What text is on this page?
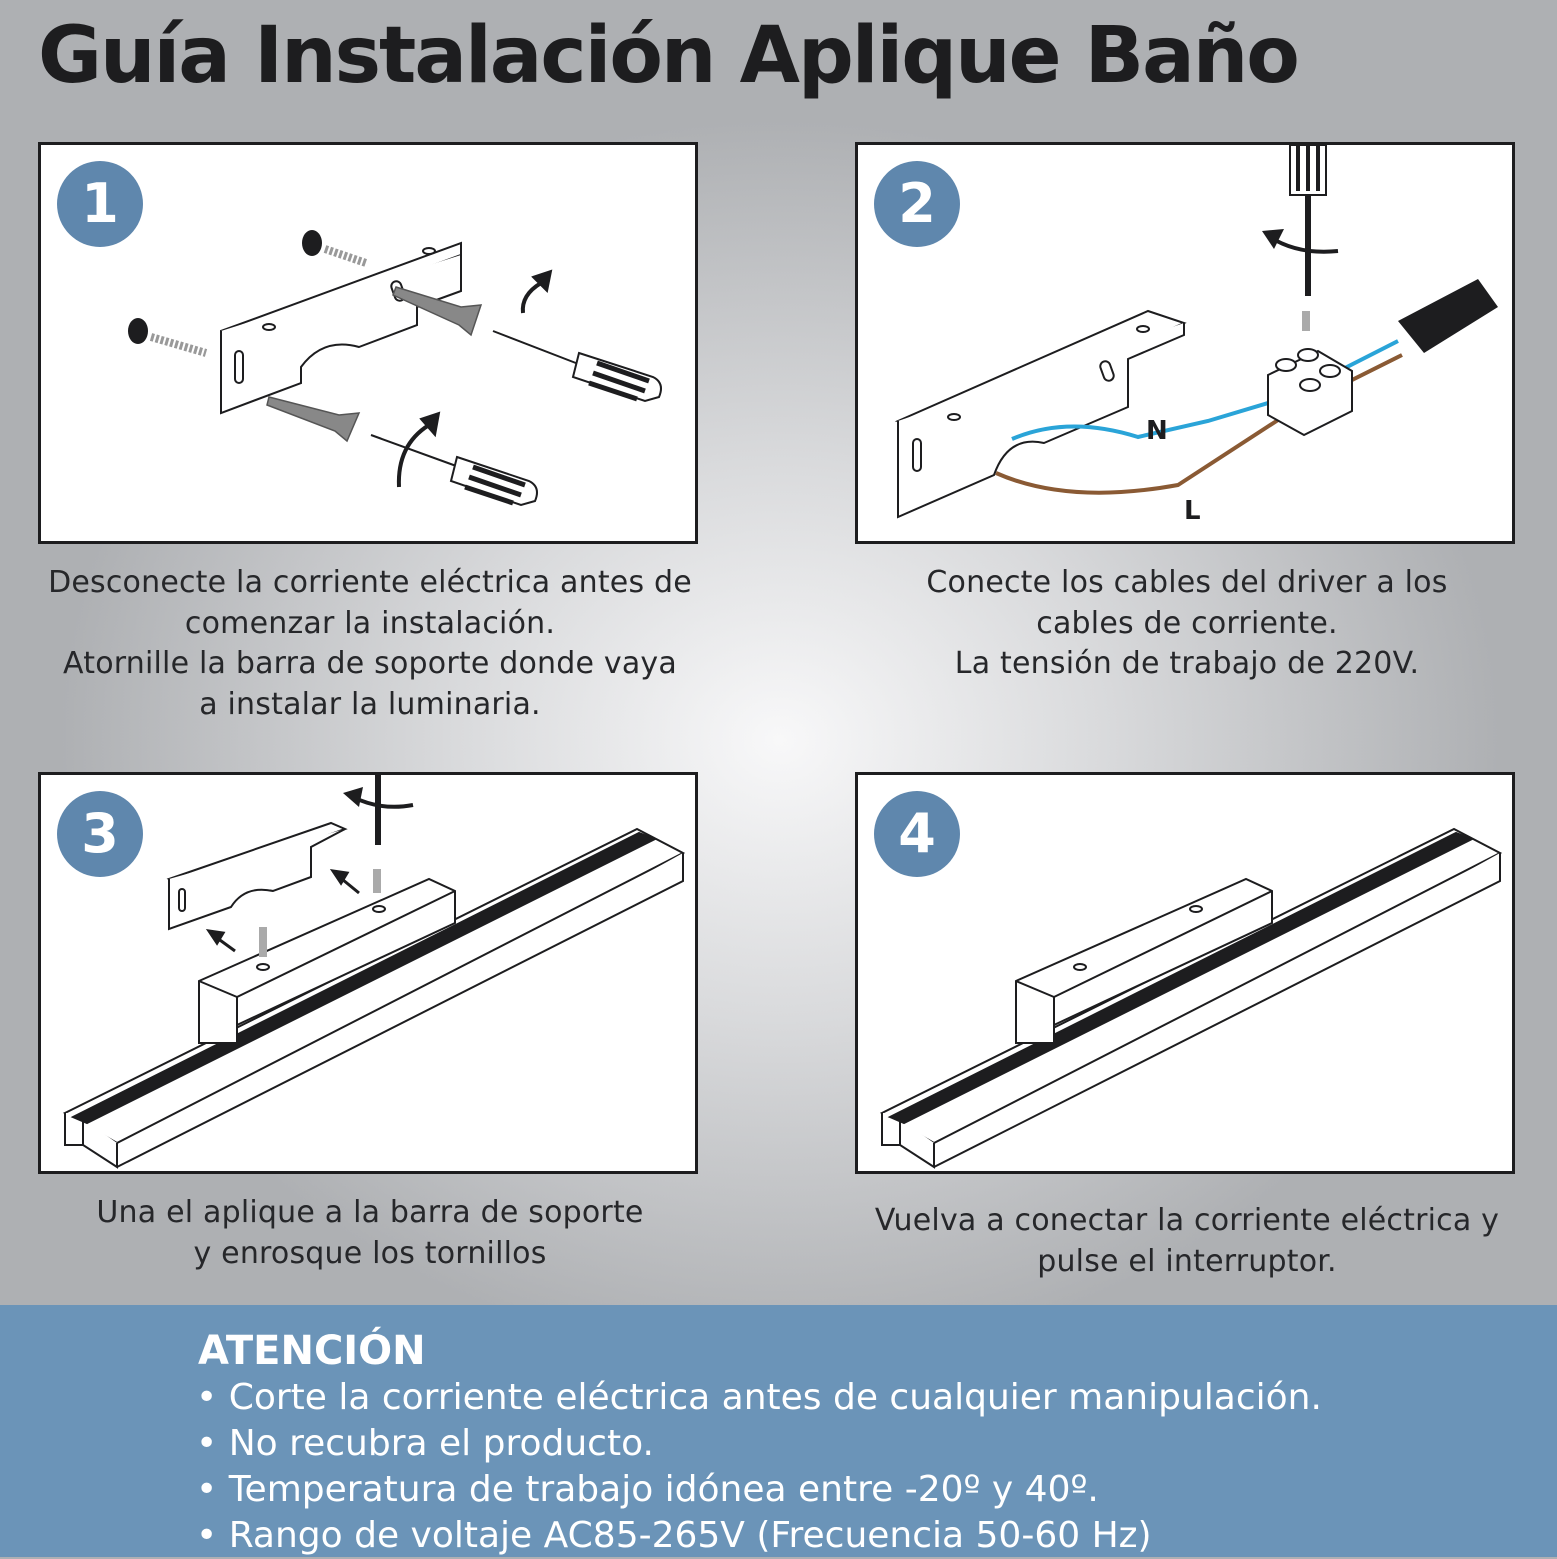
Guía Instalación Aplique Baño
1
Desconecte la corriente eléctrica antes de
comenzar la instalación.
Atornille la barra de soporte donde vaya
a instalar la luminaria.
N
L
2
Conecte los cables del driver a los
cables de corriente.
La tensión de trabajo de 220V.
3
Una el aplique a la barra de soporte
y enrosque los tornillos
4
Vuelva a conectar la corriente eléctrica y
pulse el interruptor.
ATENCIÓN
• Corte la corriente eléctrica antes de cualquier manipulación.
• No recubra el producto.
• Temperatura de trabajo idónea entre -20º y 40º.
• Rango de voltaje AC85-265V (Frecuencia 50-60 Hz)
